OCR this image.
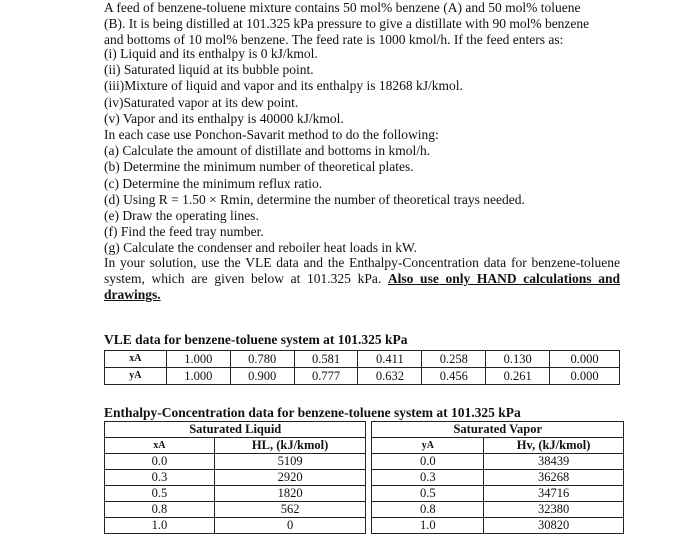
A feed of benzene-toluene mixture contains 50 mol% benzene (A) and 50 mol% toluene
(B). It is being distilled at 101.325 kPa pressure to give a distillate with 90 mol% benzene
and bottoms of 10 mol% benzene. The feed rate is 1000 kmol/h. If the feed enters as:
(i) Liquid and its enthalpy is 0 kJ/kmol.
(ii) Saturated liquid at its bubble point.
(iii)Mixture of liquid and vapor and its enthalpy is 18268 kJ/kmol.
(iv)Saturated vapor at its dew point.
(v) Vapor and its enthalpy is 40000 kJ/kmol.
In each case use Ponchon-Savarit method to do the following:
(a) Calculate the amount of distillate and bottoms in kmol/h.
(b) Determine the minimum number of theoretical plates.
(c) Determine the minimum reflux ratio.
(d) Using R = 1.50 × Rmin, determine the number of theoretical trays needed.
(e) Draw the operating lines.
(f) Find the feed tray number.
(g) Calculate the condenser and reboiler heat loads in kW.
In your solution, use the VLE data and the Enthalpy-Concentration data for benzene-toluene system, which are given below at 101.325 kPa. Also use only HAND calculations and drawings.
VLE data for benzene-toluene system at 101.325 kPa
xA	1.000	0.780	0.581	0.411	0.258	0.130	0.000
yA	1.000	0.900	0.777	0.632	0.456	0.261	0.000
Enthalpy-Concentration data for benzene-toluene system at 101.325 kPa
Saturated Liquid			Saturated Vapor	
xA	HL, (kJ/kmol)		yA	Hv, (kJ/kmol)
0.0	5109		0.0	38439
0.3	2920		0.3	36268
0.5	1820		0.5	34716
0.8	562		0.8	32380
1.0	0		1.0	30820
